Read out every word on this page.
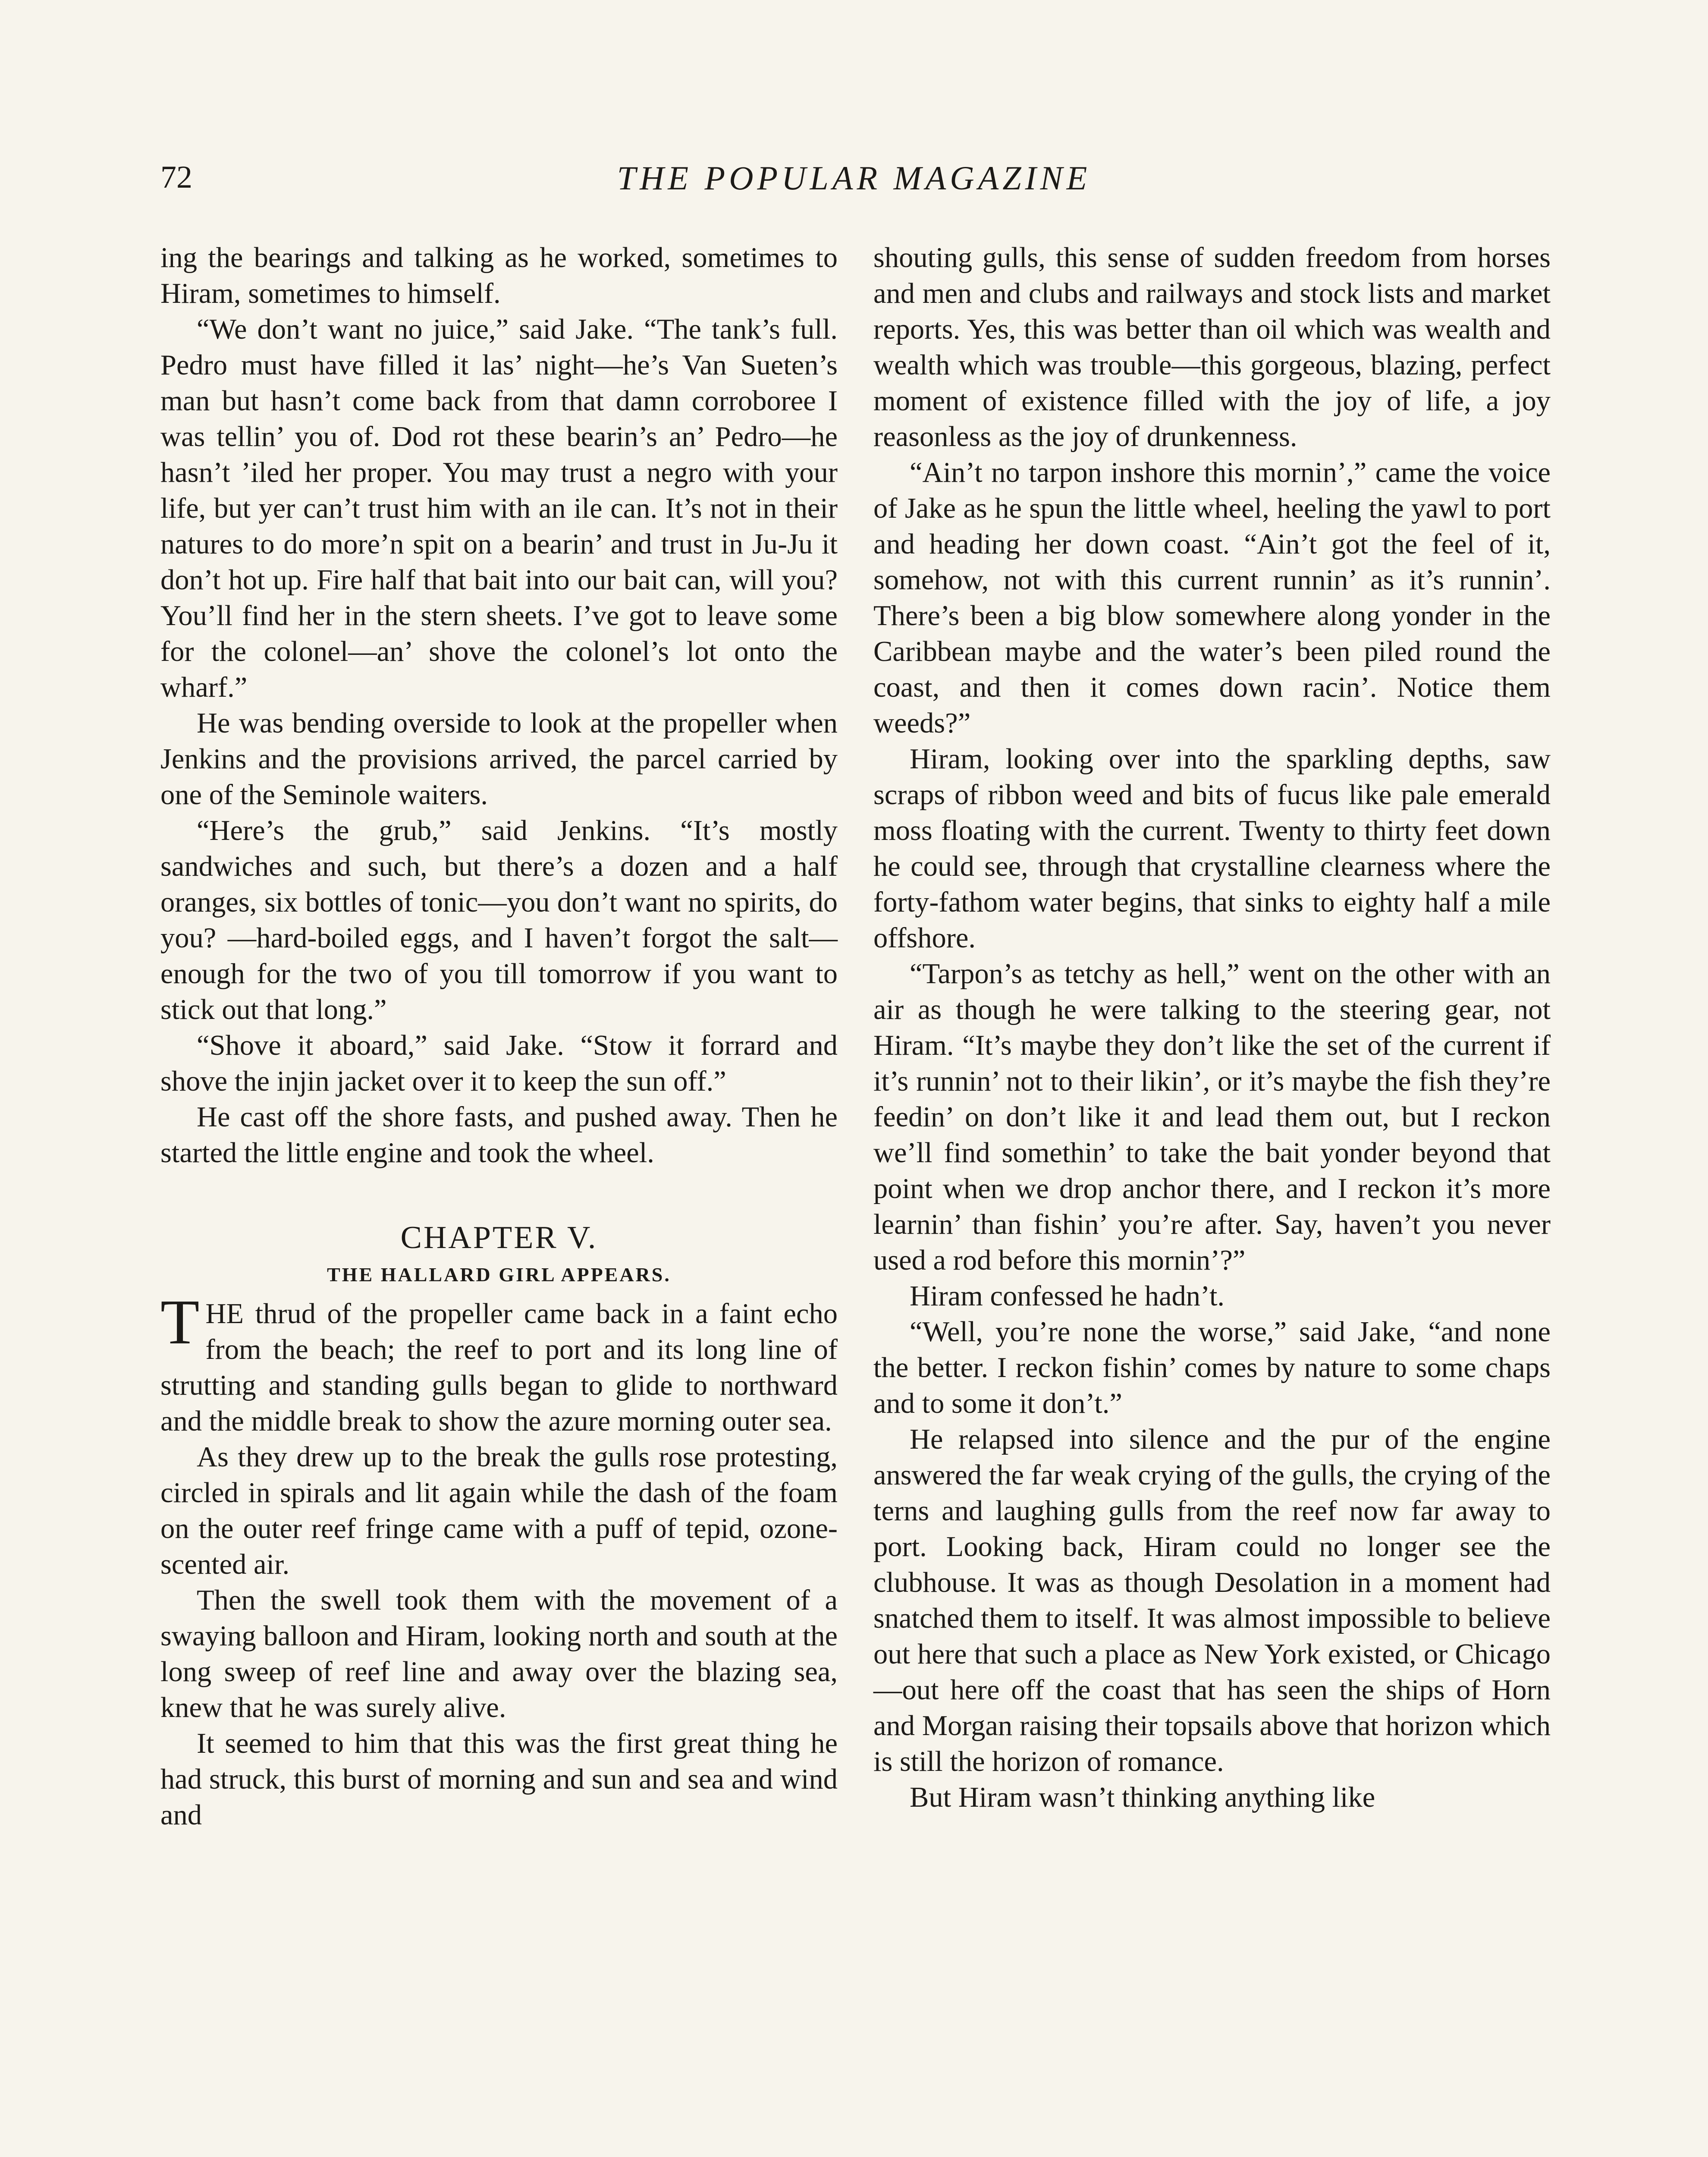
72	THE POPULAR MAGAZINE

ing the bearings and talking as he worked, sometimes to Hiram, sometimes to himself.

“We don’t want no juice,” said Jake. “The tank’s full. Pedro must have filled it las’ night—he’s Van Sueten’s man but hasn’t come back from that damn corroboree I was tellin’ you of. Dod rot these bearin’s an’ Pedro—he hasn’t ’iled her proper. You may trust a negro with your life, but yer can’t trust him with an ile can. It’s not in their natures to do more’n spit on a bearin’ and trust in Ju-Ju it don’t hot up. Fire half that bait into our bait can, will you? You’ll find her in the stern sheets. I’ve got to leave some for the colonel—an’ shove the colonel’s lot onto the wharf.”

He was bending overside to look at the propeller when Jenkins and the provisions arrived, the parcel carried by one of the Seminole waiters.

“Here’s the grub,” said Jenkins. “It’s mostly sandwiches and such, but there’s a dozen and a half oranges, six bottles of tonic—you don’t want no spirits, do you? —hard-boiled eggs, and I haven’t forgot the salt—enough for the two of you till tomorrow if you want to stick out that long.”

“Shove it aboard,” said Jake. “Stow it forrard and shove the injin jacket over it to keep the sun off.”

He cast off the shore fasts, and pushed away. Then he started the little engine and took the wheel.

CHAPTER V.
THE HALLARD GIRL APPEARS.

THE thrud of the propeller came back in a faint echo from the beach; the reef to port and its long line of strutting and standing gulls began to glide to northward and the middle break to show the azure morning outer sea.

As they drew up to the break the gulls rose protesting, circled in spirals and lit again while the dash of the foam on the outer reef fringe came with a puff of tepid, ozone-scented air.

Then the swell took them with the movement of a swaying balloon and Hiram, looking north and south at the long sweep of reef line and away over the blazing sea, knew that he was surely alive.

It seemed to him that this was the first great thing he had struck, this burst of morning and sun and sea and wind and

shouting gulls, this sense of sudden freedom from horses and men and clubs and railways and stock lists and market reports. Yes, this was better than oil which was wealth and wealth which was trouble—this gorgeous, blazing, perfect moment of existence filled with the joy of life, a joy reasonless as the joy of drunkenness.

“Ain’t no tarpon inshore this mornin’,” came the voice of Jake as he spun the little wheel, heeling the yawl to port and heading her down coast. “Ain’t got the feel of it, somehow, not with this current runnin’ as it’s runnin’. There’s been a big blow somewhere along yonder in the Caribbean maybe and the water’s been piled round the coast, and then it comes down racin’. Notice them weeds?”

Hiram, looking over into the sparkling depths, saw scraps of ribbon weed and bits of fucus like pale emerald moss floating with the current. Twenty to thirty feet down he could see, through that crystalline clearness where the forty-fathom water begins, that sinks to eighty half a mile offshore.

“Tarpon’s as tetchy as hell,” went on the other with an air as though he were talking to the steering gear, not Hiram. “It’s maybe they don’t like the set of the current if it’s runnin’ not to their likin’, or it’s maybe the fish they’re feedin’ on don’t like it and lead them out, but I reckon we’ll find somethin’ to take the bait yonder beyond that point when we drop anchor there, and I reckon it’s more learnin’ than fishin’ you’re after. Say, haven’t you never used a rod before this mornin’?”

Hiram confessed he hadn’t.

“Well, you’re none the worse,” said Jake, “and none the better. I reckon fishin’ comes by nature to some chaps and to some it don’t.”

He relapsed into silence and the pur of the engine answered the far weak crying of the gulls, the crying of the terns and laughing gulls from the reef now far away to port. Looking back, Hiram could no longer see the clubhouse. It was as though Desolation in a moment had snatched them to itself. It was almost impossible to believe out here that such a place as New York existed, or Chicago—out here off the coast that has seen the ships of Horn and Morgan raising their topsails above that horizon which is still the horizon of romance.

But Hiram wasn’t thinking anything like
